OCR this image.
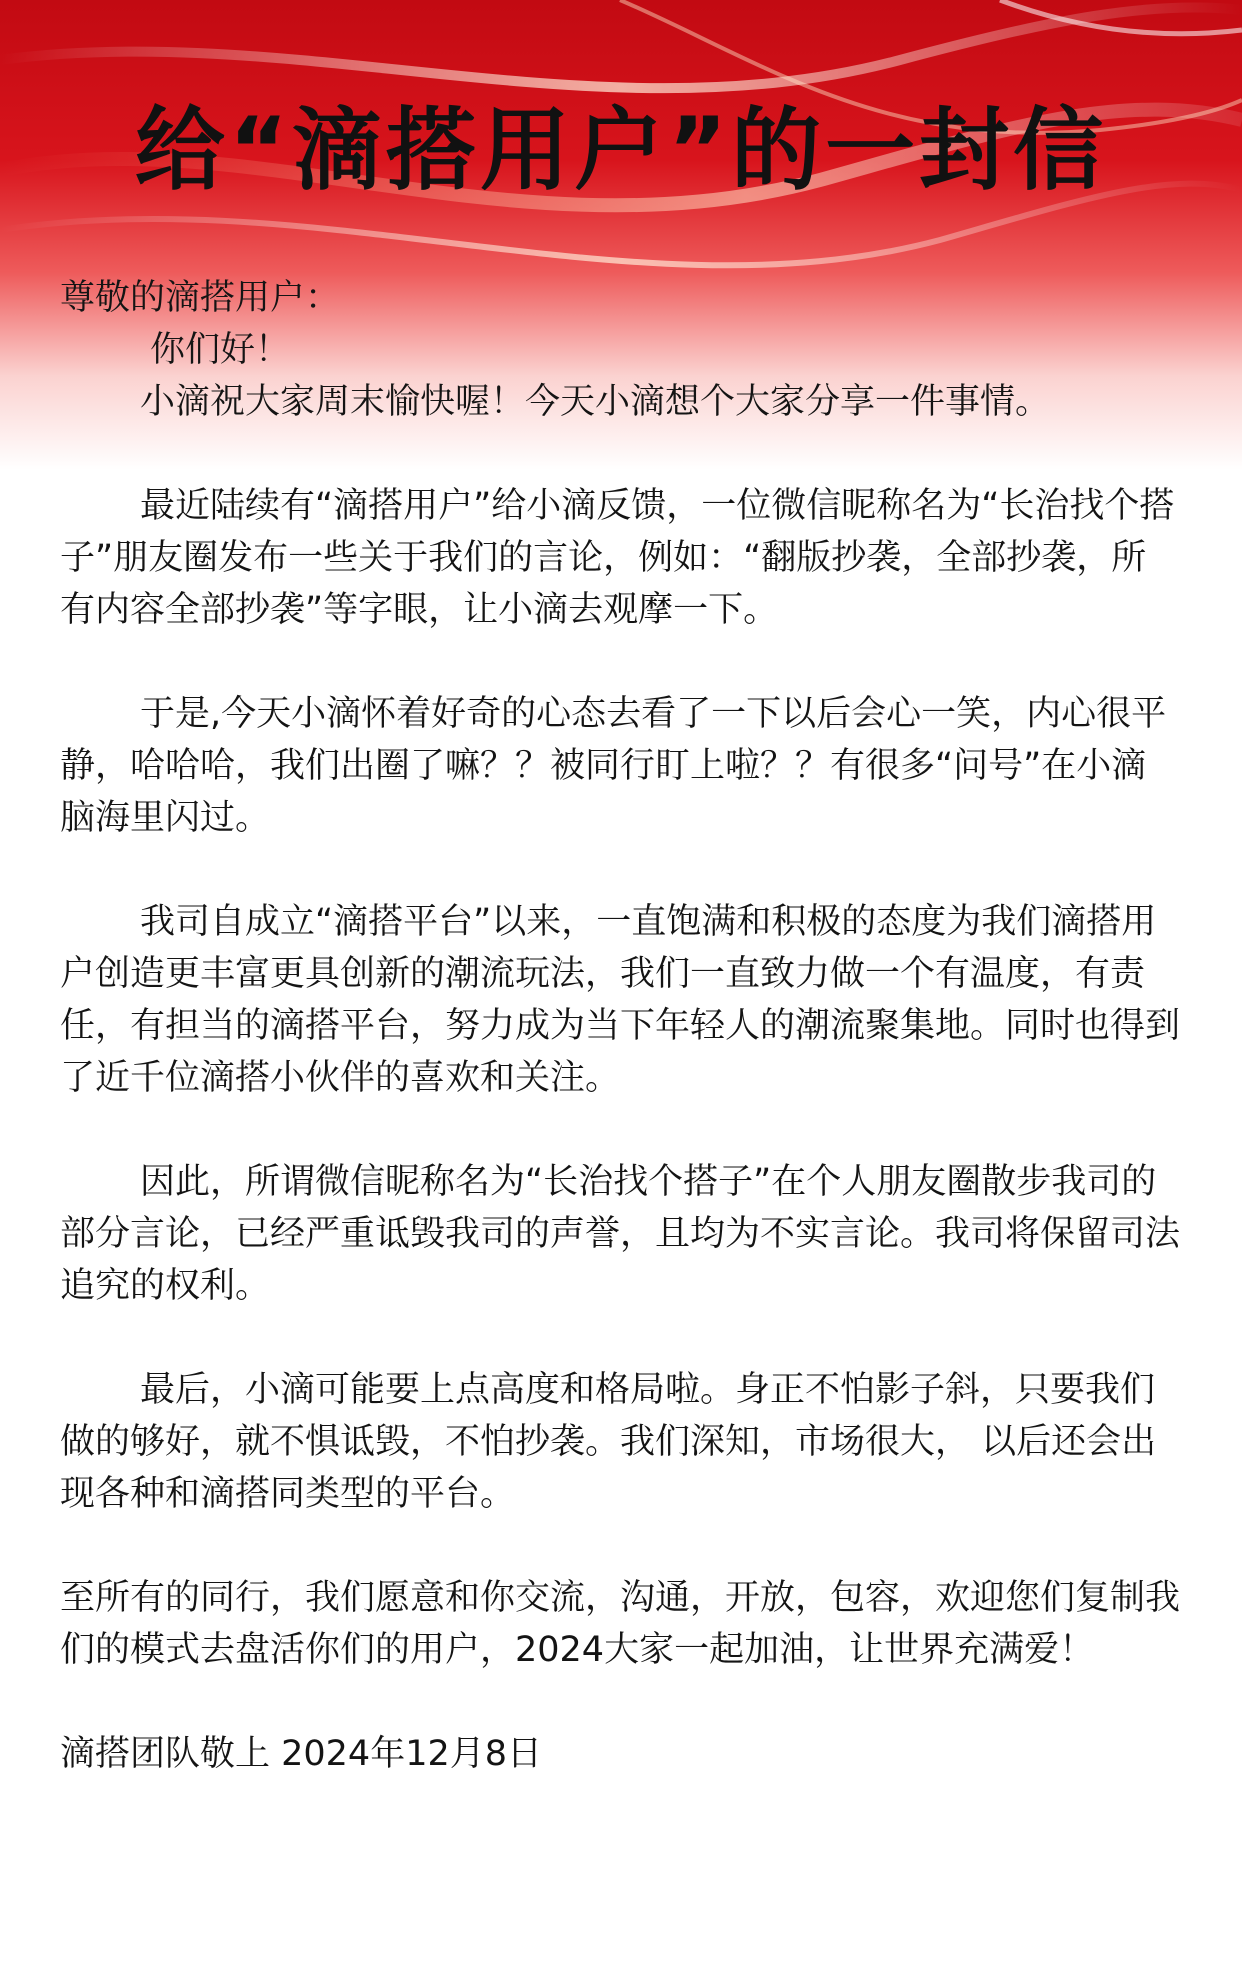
给“滴搭用户”的一封信

尊敬的滴搭用户：

你们好！

小滴祝大家周末愉快喔！今天小滴想个大家分享一件事情。

最近陆续有“滴搭用户”给小滴反馈，一位微信昵称名为“长治找个搭子”朋友圈发布一些关于我们的言论，例如：“翻版抄袭，全部抄袭，所有内容全部抄袭”等字眼，让小滴去观摩一下。

于是,今天小滴怀着好奇的心态去看了一下以后会心一笑，内心很平静，哈哈哈，我们出圈了嘛？？被同行盯上啦？？有很多“问号”在小滴脑海里闪过。

我司自成立“滴搭平台”以来，一直饱满和积极的态度为我们滴搭用户创造更丰富更具创新的潮流玩法，我们一直致力做一个有温度，有责任，有担当的滴搭平台，努力成为当下年轻人的潮流聚集地。同时也得到了近千位滴搭小伙伴的喜欢和关注。

因此，所谓微信昵称名为“长治找个搭子”在个人朋友圈散步我司的部分言论，已经严重诋毁我司的声誉，且均为不实言论。我司将保留司法追究的权利。

最后，小滴可能要上点高度和格局啦。身正不怕影子斜，只要我们做的够好，就不惧诋毁，不怕抄袭。我们深知，市场很大， 以后还会出现各种和滴搭同类型的平台。

至所有的同行，我们愿意和你交流，沟通，开放，包容，欢迎您们复制我们的模式去盘活你们的用户，2024大家一起加油，让世界充满爱！

滴搭团队敬上 2024年12月8日
